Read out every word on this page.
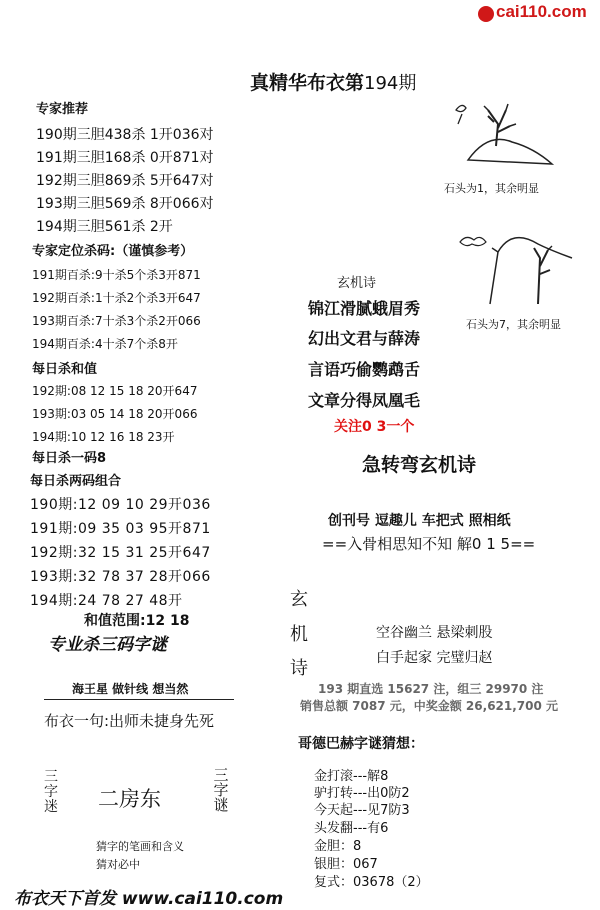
cai110.com
真精华布衣第194期
专家推荐
190期三胆438杀 1开036对
191期三胆168杀 0开871对
192期三胆869杀 5开647对
193期三胆569杀 8开066对
194期三胆561杀 2开
专家定位杀码:（谨慎参考）
191期百杀:9十杀5个杀3开871
192期百杀:1十杀2个杀3开647
193期百杀:7十杀3个杀2开066
194期百杀:4十杀7个杀8开
每日杀和值
192期:08 12 15 18 20开647
193期:03 05 14 18 20开066
194期:10 12 16 18 23开
每日杀一码8
每日杀两码组合
190期:12 09 10 29开036
191期:09 35 03 95开871
192期:32 15 31 25开647
193期:32 78 37 28开066
194期:24 78 27 48开
和值范围:12 18
专业杀三码字谜
海王星 做针线 想当然
布衣一句:出师未捷身先死
三
字
迷 二房东
三
字
谜
猜字的笔画和含义
猜对必中
石头为1，其余明显
石头为7，其余明显
玄机诗
锦江滑腻蛾眉秀
幻出文君与薛涛
言语巧偷鹦鹉舌
文章分得凤凰毛
关注0 3一个
急转弯玄机诗
创刊号 逗趣儿 车把式 照相纸
==入骨相思知不知 解0 1 5==
玄
机
诗
空谷幽兰 悬梁刺股
白手起家 完璧归赵
193 期直选 15627 注，组三 29970 注
销售总额 7087 元，中奖金额 26,621,700 元
哥德巴赫字谜猜想：
金打滚---解8
驴打转---出0防2
今天起---见7防3
头发翻---有6
金胆：8
银胆：067
复式：03678（2）
布衣天下首发 www.cai110.com
